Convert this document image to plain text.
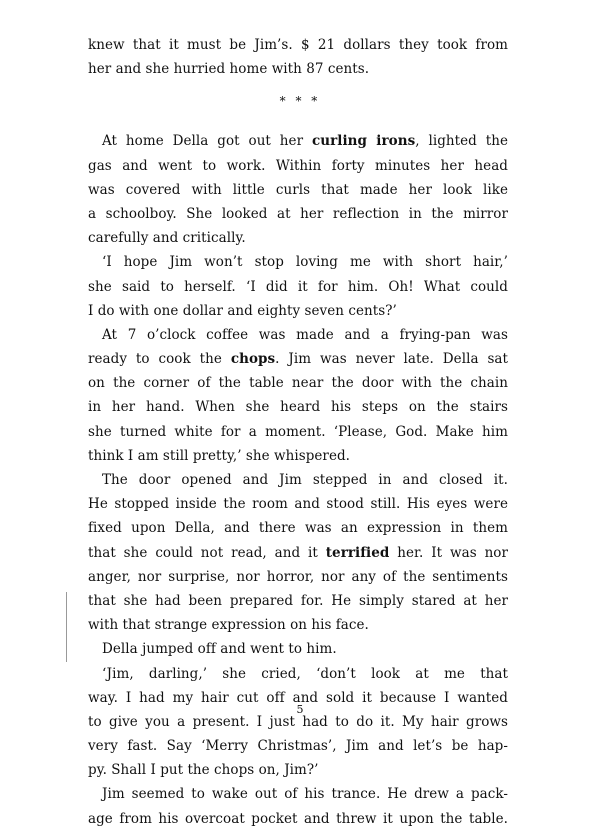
knew that it must be Jim’s. $ 21 dollars they took from
her and she hurried home with 87 cents.
At home Della got out her curling irons, lighted the
gas and went to work. Within forty minutes her head
was covered with little curls that made her look like
a schoolboy. She looked at her reflection in the mirror
carefully and critically.
‘I hope Jim won’t stop loving me with short hair,’
she said to herself. ‘I did it for him. Oh! What could
I do with one dollar and eighty seven cents?’
At 7 o’clock coffee was made and a frying-pan was
ready to cook the chops. Jim was never late. Della sat
on the corner of the table near the door with the chain
in her hand. When she heard his steps on the stairs
she turned white for a moment. ‘Please, God. Make him
think I am still pretty,’ she whispered.
The door opened and Jim stepped in and closed it.
He stopped inside the room and stood still. His eyes were
fixed upon Della, and there was an expression in them
that she could not read, and it terrified her. It was nor
anger, nor surprise, nor horror, nor any of the sentiments
that she had been prepared for. He simply stared at her
with that strange expression on his face.
Della jumped off and went to him.
‘Jim, darling,’ she cried, ‘don’t look at me that
way. I had my hair cut off and sold it because I wanted
to give you a present. I just had to do it. My hair grows
very fast. Say ‘Merry Christmas’, Jim and let’s be hap-
py. Shall I put the chops on, Jim?’
Jim seemed to wake out of his trance. He drew a pack-
age from his overcoat pocket and threw it upon the table.
* * *
5
